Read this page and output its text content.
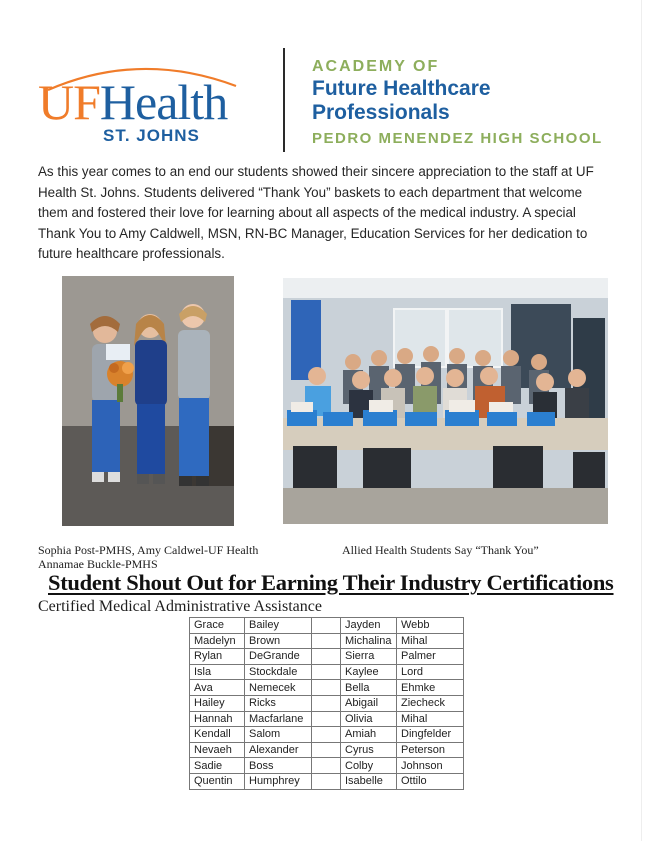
UFHealth
ST. JOHNS
ACADEMY OF
Future Healthcare
Professionals
PEDRO MENENDEZ HIGH SCHOOL
As this year comes to an end our students showed their sincere appreciation to the staff at UF Health St. Johns. Students delivered “Thank You” baskets to each department that welcome them and fostered their love for learning about all aspects of the medical industry. A special Thank You to Amy Caldwell, MSN, RN-BC Manager, Education Services for her dedication to future healthcare professionals.
Sophia Post-PMHS, Amy Caldwel-UF Health
Annamae Buckle-PMHS
Allied Health Students Say “Thank You”
Student Shout Out for Earning Their Industry Certifications
Certified Medical Administrative Assistance
Grace	Bailey		Jayden	Webb
Madelyn	Brown		Michalina	Mihal
Rylan	DeGrande		Sierra	Palmer
Isla	Stockdale		Kaylee	Lord
Ava	Nemecek		Bella	Ehmke
Hailey	Ricks		Abigail	Ziecheck
Hannah	Macfarlane		Olivia	Mihal
Kendall	Salom		Amiah	Dingfelder
Nevaeh	Alexander		Cyrus	Peterson
Sadie	Boss		Colby	Johnson
Quentin	Humphrey		Isabelle	Ottilo
